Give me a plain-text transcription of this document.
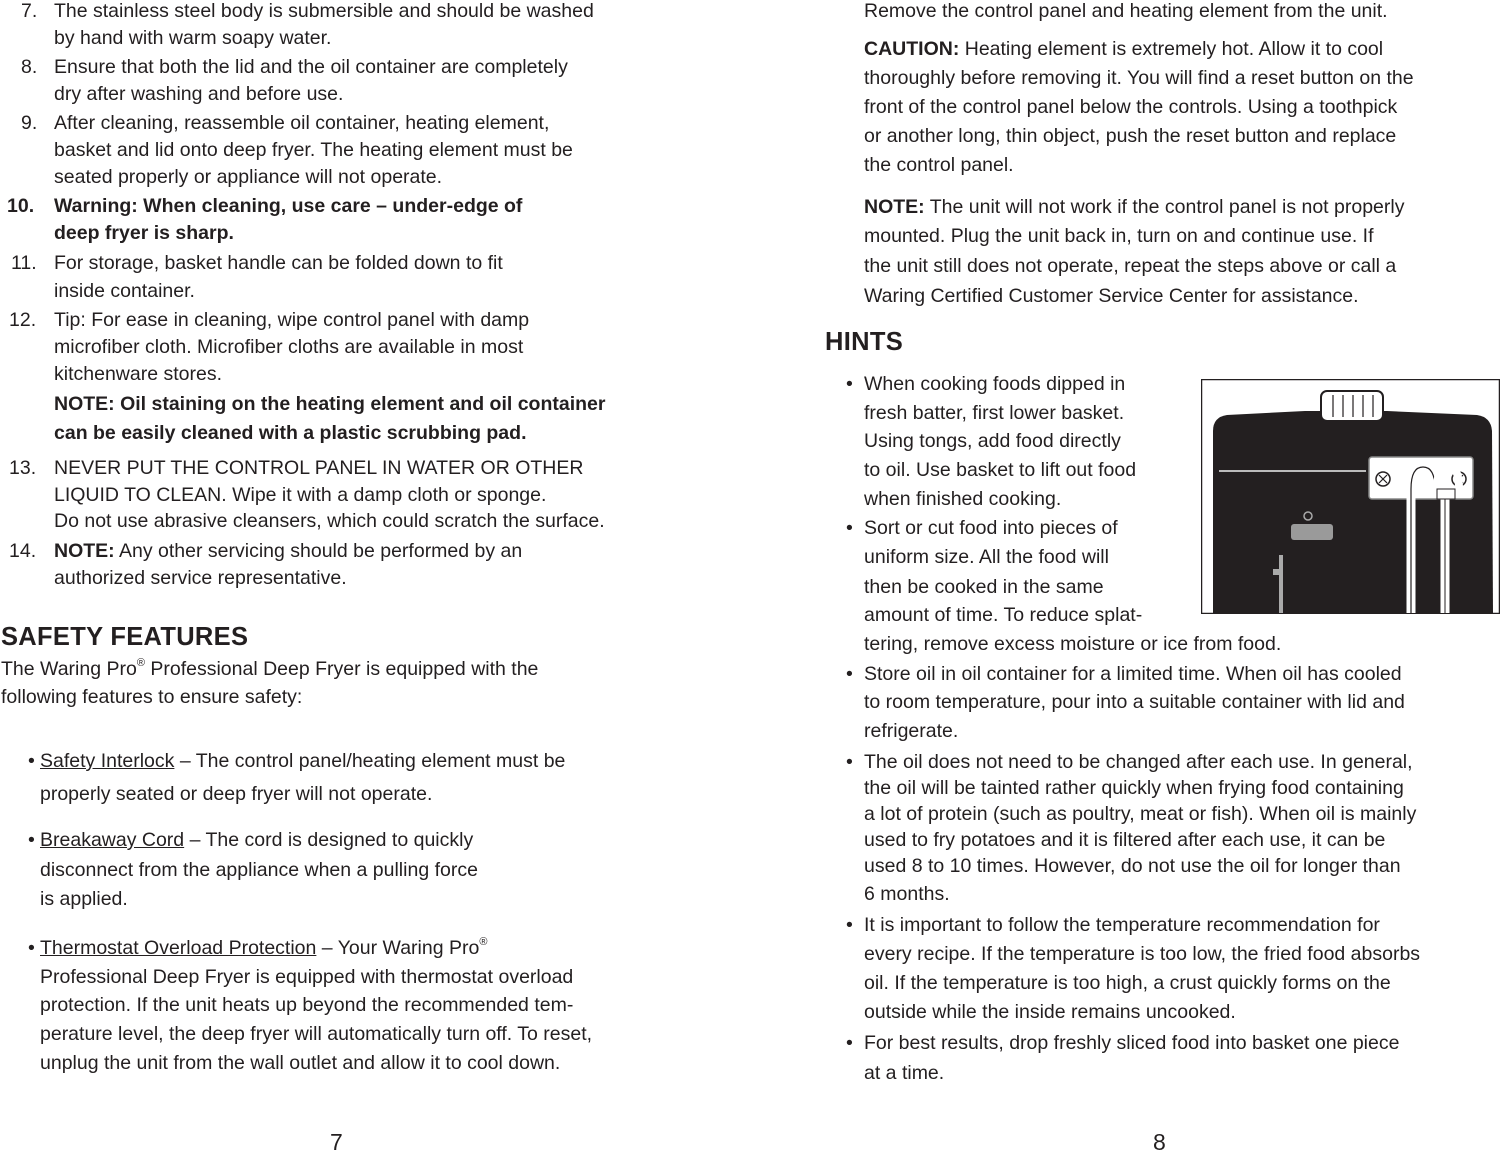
7. The stainless steel body is submersible and should be washed
by hand with warm soapy water.
8. Ensure that both the lid and the oil container are completely
dry after washing and before use.
9. After cleaning, reassemble oil container, heating element,
basket and lid onto deep fryer. The heating element must be
seated properly or appliance will not operate.
10. Warning: When cleaning, use care – under-edge of
deep fryer is sharp.
11. For storage, basket handle can be folded down to fit
inside container.
12. Tip: For ease in cleaning, wipe control panel with damp
microfiber cloth. Microfiber cloths are available in most
kitchenware stores.
NOTE: Oil staining on the heating element and oil container
can be easily cleaned with a plastic scrubbing pad.
13. NEVER PUT THE CONTROL PANEL IN WATER OR OTHER
LIQUID TO CLEAN. Wipe it with a damp cloth or sponge.
Do not use abrasive cleansers, which could scratch the surface.
14. NOTE: Any other servicing should be performed by an
authorized service representative.
SAFETY FEATURES
The Waring Pro® Professional Deep Fryer is equipped with the
following features to ensure safety:
• Safety Interlock – The control panel/heating element must be
properly seated or deep fryer will not operate.
• Breakaway Cord – The cord is designed to quickly
disconnect from the appliance when a pulling force
is applied.
• Thermostat Overload Protection – Your Waring Pro®
Professional Deep Fryer is equipped with thermostat overload
protection. If the unit heats up beyond the recommended tem-
perature level, the deep fryer will automatically turn off. To reset,
unplug the unit from the wall outlet and allow it to cool down.
7
Remove the control panel and heating element from the unit.
CAUTION: Heating element is extremely hot. Allow it to cool
thoroughly before removing it. You will find a reset button on the
front of the control panel below the controls. Using a toothpick
or another long, thin object, push the reset button and replace
the control panel.
NOTE: The unit will not work if the control panel is not properly
mounted. Plug the unit back in, turn on and continue use. If
the unit still does not operate, repeat the steps above or call a
Waring Certified Customer Service Center for assistance.
HINTS
• When cooking foods dipped in
fresh batter, first lower basket.
Using tongs, add food directly
to oil. Use basket to lift out food
when finished cooking.
• Sort or cut food into pieces of
uniform size. All the food will
then be cooked in the same
amount of time. To reduce splat-
tering, remove excess moisture or ice from food.
• Store oil in oil container for a limited time. When oil has cooled
to room temperature, pour into a suitable container with lid and
refrigerate.
• The oil does not need to be changed after each use. In general,
the oil will be tainted rather quickly when frying food containing
a lot of protein (such as poultry, meat or fish). When oil is mainly
used to fry potatoes and it is filtered after each use, it can be
used 8 to 10 times. However, do not use the oil for longer than
6 months.
• It is important to follow the temperature recommendation for
every recipe. If the temperature is too low, the fried food absorbs
oil. If the temperature is too high, a crust quickly forms on the
outside while the inside remains uncooked.
• For best results, drop freshly sliced food into basket one piece
at a time.
8
